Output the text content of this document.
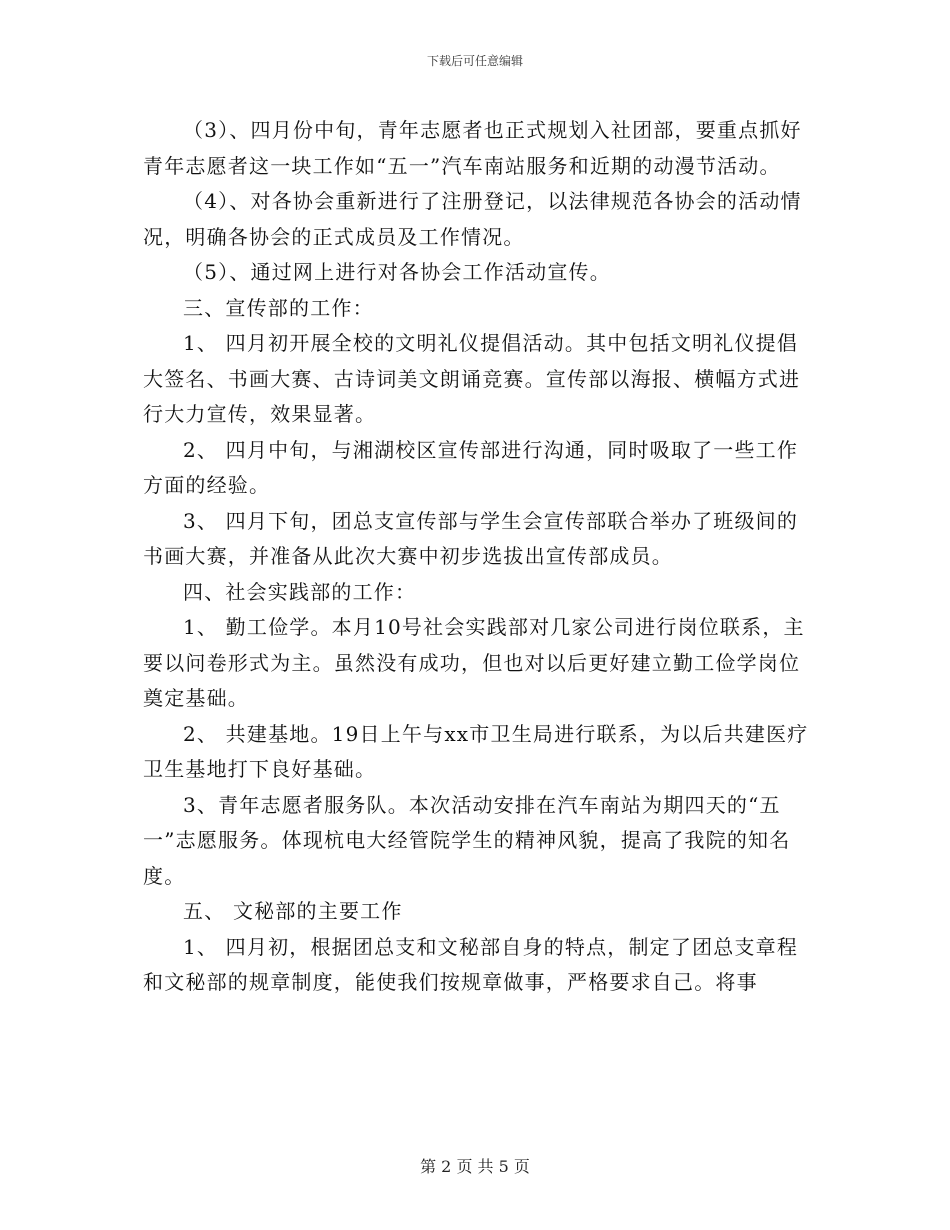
下载后可任意编辑

（3）、四月份中旬，青年志愿者也正式规划入社团部，要重点抓好青年志愿者这一块工作如“五一”汽车南站服务和近期的动漫节活动。

（4）、对各协会重新进行了注册登记，以法律规范各协会的活动情况，明确各协会的正式成员及工作情况。

（5）、通过网上进行对各协会工作活动宣传。

三、宣传部的工作：

1、 四月初开展全校的文明礼仪提倡活动。其中包括文明礼仪提倡大签名、书画大赛、古诗词美文朗诵竞赛。宣传部以海报、横幅方式进行大力宣传，效果显著。

2、 四月中旬，与湘湖校区宣传部进行沟通，同时吸取了一些工作方面的经验。

3、 四月下旬，团总支宣传部与学生会宣传部联合举办了班级间的书画大赛，并准备从此次大赛中初步选拔出宣传部成员。

四、社会实践部的工作：

1、 勤工俭学。本月10号社会实践部对几家公司进行岗位联系，主要以问卷形式为主。虽然没有成功，但也对以后更好建立勤工俭学岗位奠定基础。

2、 共建基地。19日上午与xx市卫生局进行联系，为以后共建医疗卫生基地打下良好基础。

3、青年志愿者服务队。本次活动安排在汽车南站为期四天的“五一”志愿服务。体现杭电大经管院学生的精神风貌，提高了我院的知名度。

五、 文秘部的主要工作

1、 四月初，根据团总支和文秘部自身的特点，制定了团总支章程和文秘部的规章制度，能使我们按规章做事，严格要求自己。将事

第 2 页 共 5 页
